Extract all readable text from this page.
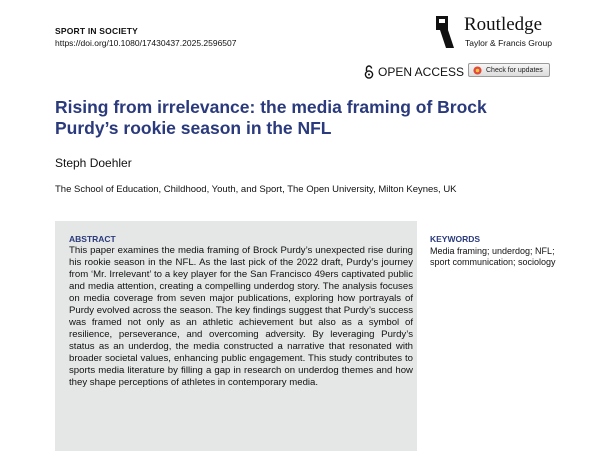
SPORT IN SOCIETY
https://doi.org/10.1080/17430437.2025.2596507
Routledge
Taylor & Francis Group
OPEN ACCESS	Check for updates
Rising from irrelevance: the media framing of Brock Purdy’s rookie season in the NFL
Steph Doehler
The School of Education, Childhood, Youth, and Sport, The Open University, Milton Keynes, UK
ABSTRACT
This paper examines the media framing of Brock Purdy’s unexpected rise during his rookie season in the NFL. As the last pick of the 2022 draft, Purdy’s journey from ‘Mr. Irrelevant’ to a key player for the San Francisco 49ers captivated public and media attention, creating a compelling underdog story. The analysis focuses on media coverage from seven major publications, exploring how portrayals of Purdy evolved across the season. The key findings suggest that Purdy’s success was framed not only as an athletic achievement but also as a symbol of resilience, perseverance, and overcoming adversity. By leveraging Purdy’s status as an underdog, the media constructed a narrative that resonated with broader societal values, enhancing public engagement. This study contributes to sports media literature by filling a gap in research on underdog themes and how they shape perceptions of athletes in contemporary media.
KEYWORDS
Media framing; underdog; NFL; sport communication; sociology
